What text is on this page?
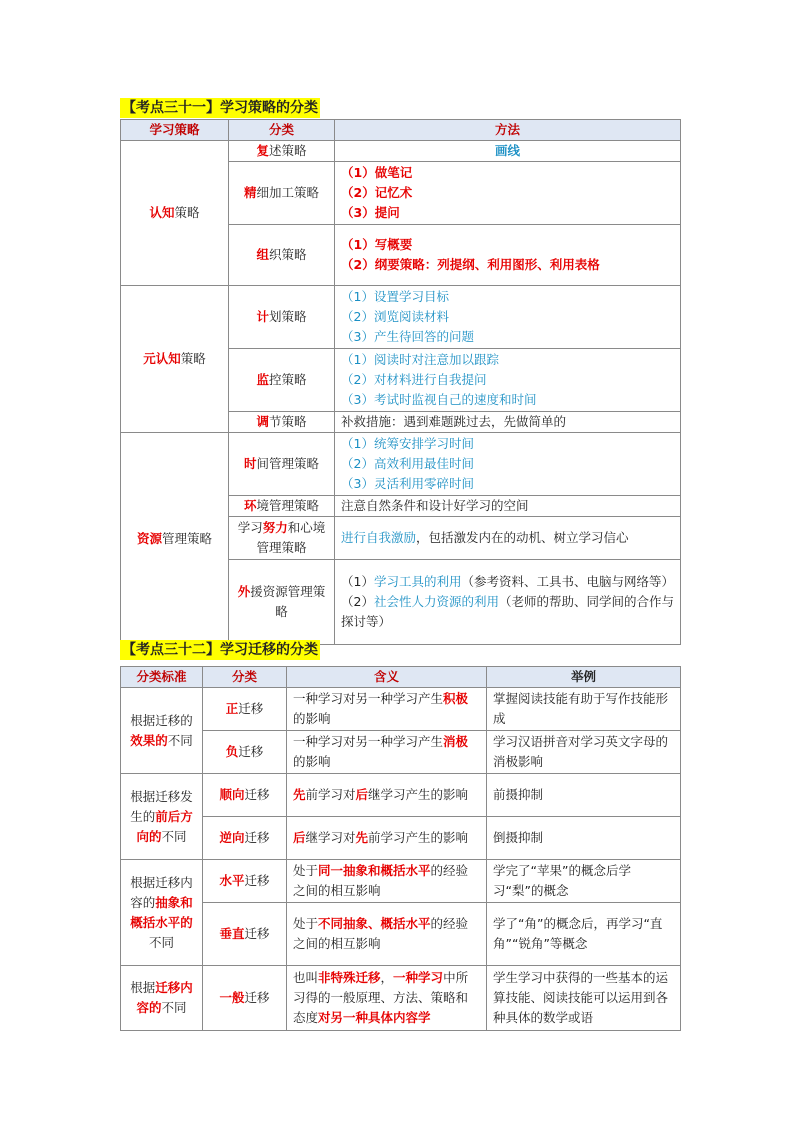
【考点三十一】学习策略的分类
学习策略	分类	方法
认知策略	复述策略	画线
	精细加工策略	（1）做笔记
（2）记忆术
（3）提问

	组织策略	（1）写概要
（2）纲要策略：列提纲、利用图形、利用表格

元认知策略	计划策略	（1）设置学习目标
（2）浏览阅读材料
（3）产生待回答的问题

	监控策略	（1）阅读时对注意加以跟踪
（2）对材料进行自我提问
（3）考试时监视自己的速度和时间

	调节策略	补救措施：遇到难题跳过去，先做简单的
资源管理策略	时间管理策略	（1）统筹安排学习时间
（2）高效利用最佳时间
（3）灵活利用零碎时间

	环境管理策略	注意自然条件和设计好学习的空间
	学习努力和心境管理策略	进行自我激励，包括激发内在的动机、树立学习信心
	外援资源管理策略	（1）学习工具的利用（参考资料、工具书、电脑与网络等）
（2）社会性人力资源的利用（老师的帮助、同学间的合作与探讨等）
【考点三十二】学习迁移的分类
分类标准	分类	含义	举例
根据迁移的效果的不同	正迁移	一种学习对另一种学习产生积极的影响	掌握阅读技能有助于写作技能形成
	负迁移	一种学习对另一种学习产生消极的影响	学习汉语拼音对学习英文字母的消极影响
根据迁移发生的前后方向的不同	顺向迁移	先前学习对后继学习产生的影响	前摄抑制
	逆向迁移	后继学习对先前学习产生的影响	倒摄抑制
根据迁移内容的抽象和概括水平的不同	水平迁移	处于同一抽象和概括水平的经验之间的相互影响	学完了“苹果”的概念后学习“梨”的概念
	垂直迁移	处于不同抽象、概括水平的经验之间的相互影响	学了“角”的概念后，再学习“直角”“锐角”等概念
根据迁移内容的不同	一般迁移	也叫非特殊迁移，一种学习中所习得的一般原理、方法、策略和态度对另一种具体内容学	学生学习中获得的一些基本的运算技能、阅读技能可以运用到各种具体的数学或语
